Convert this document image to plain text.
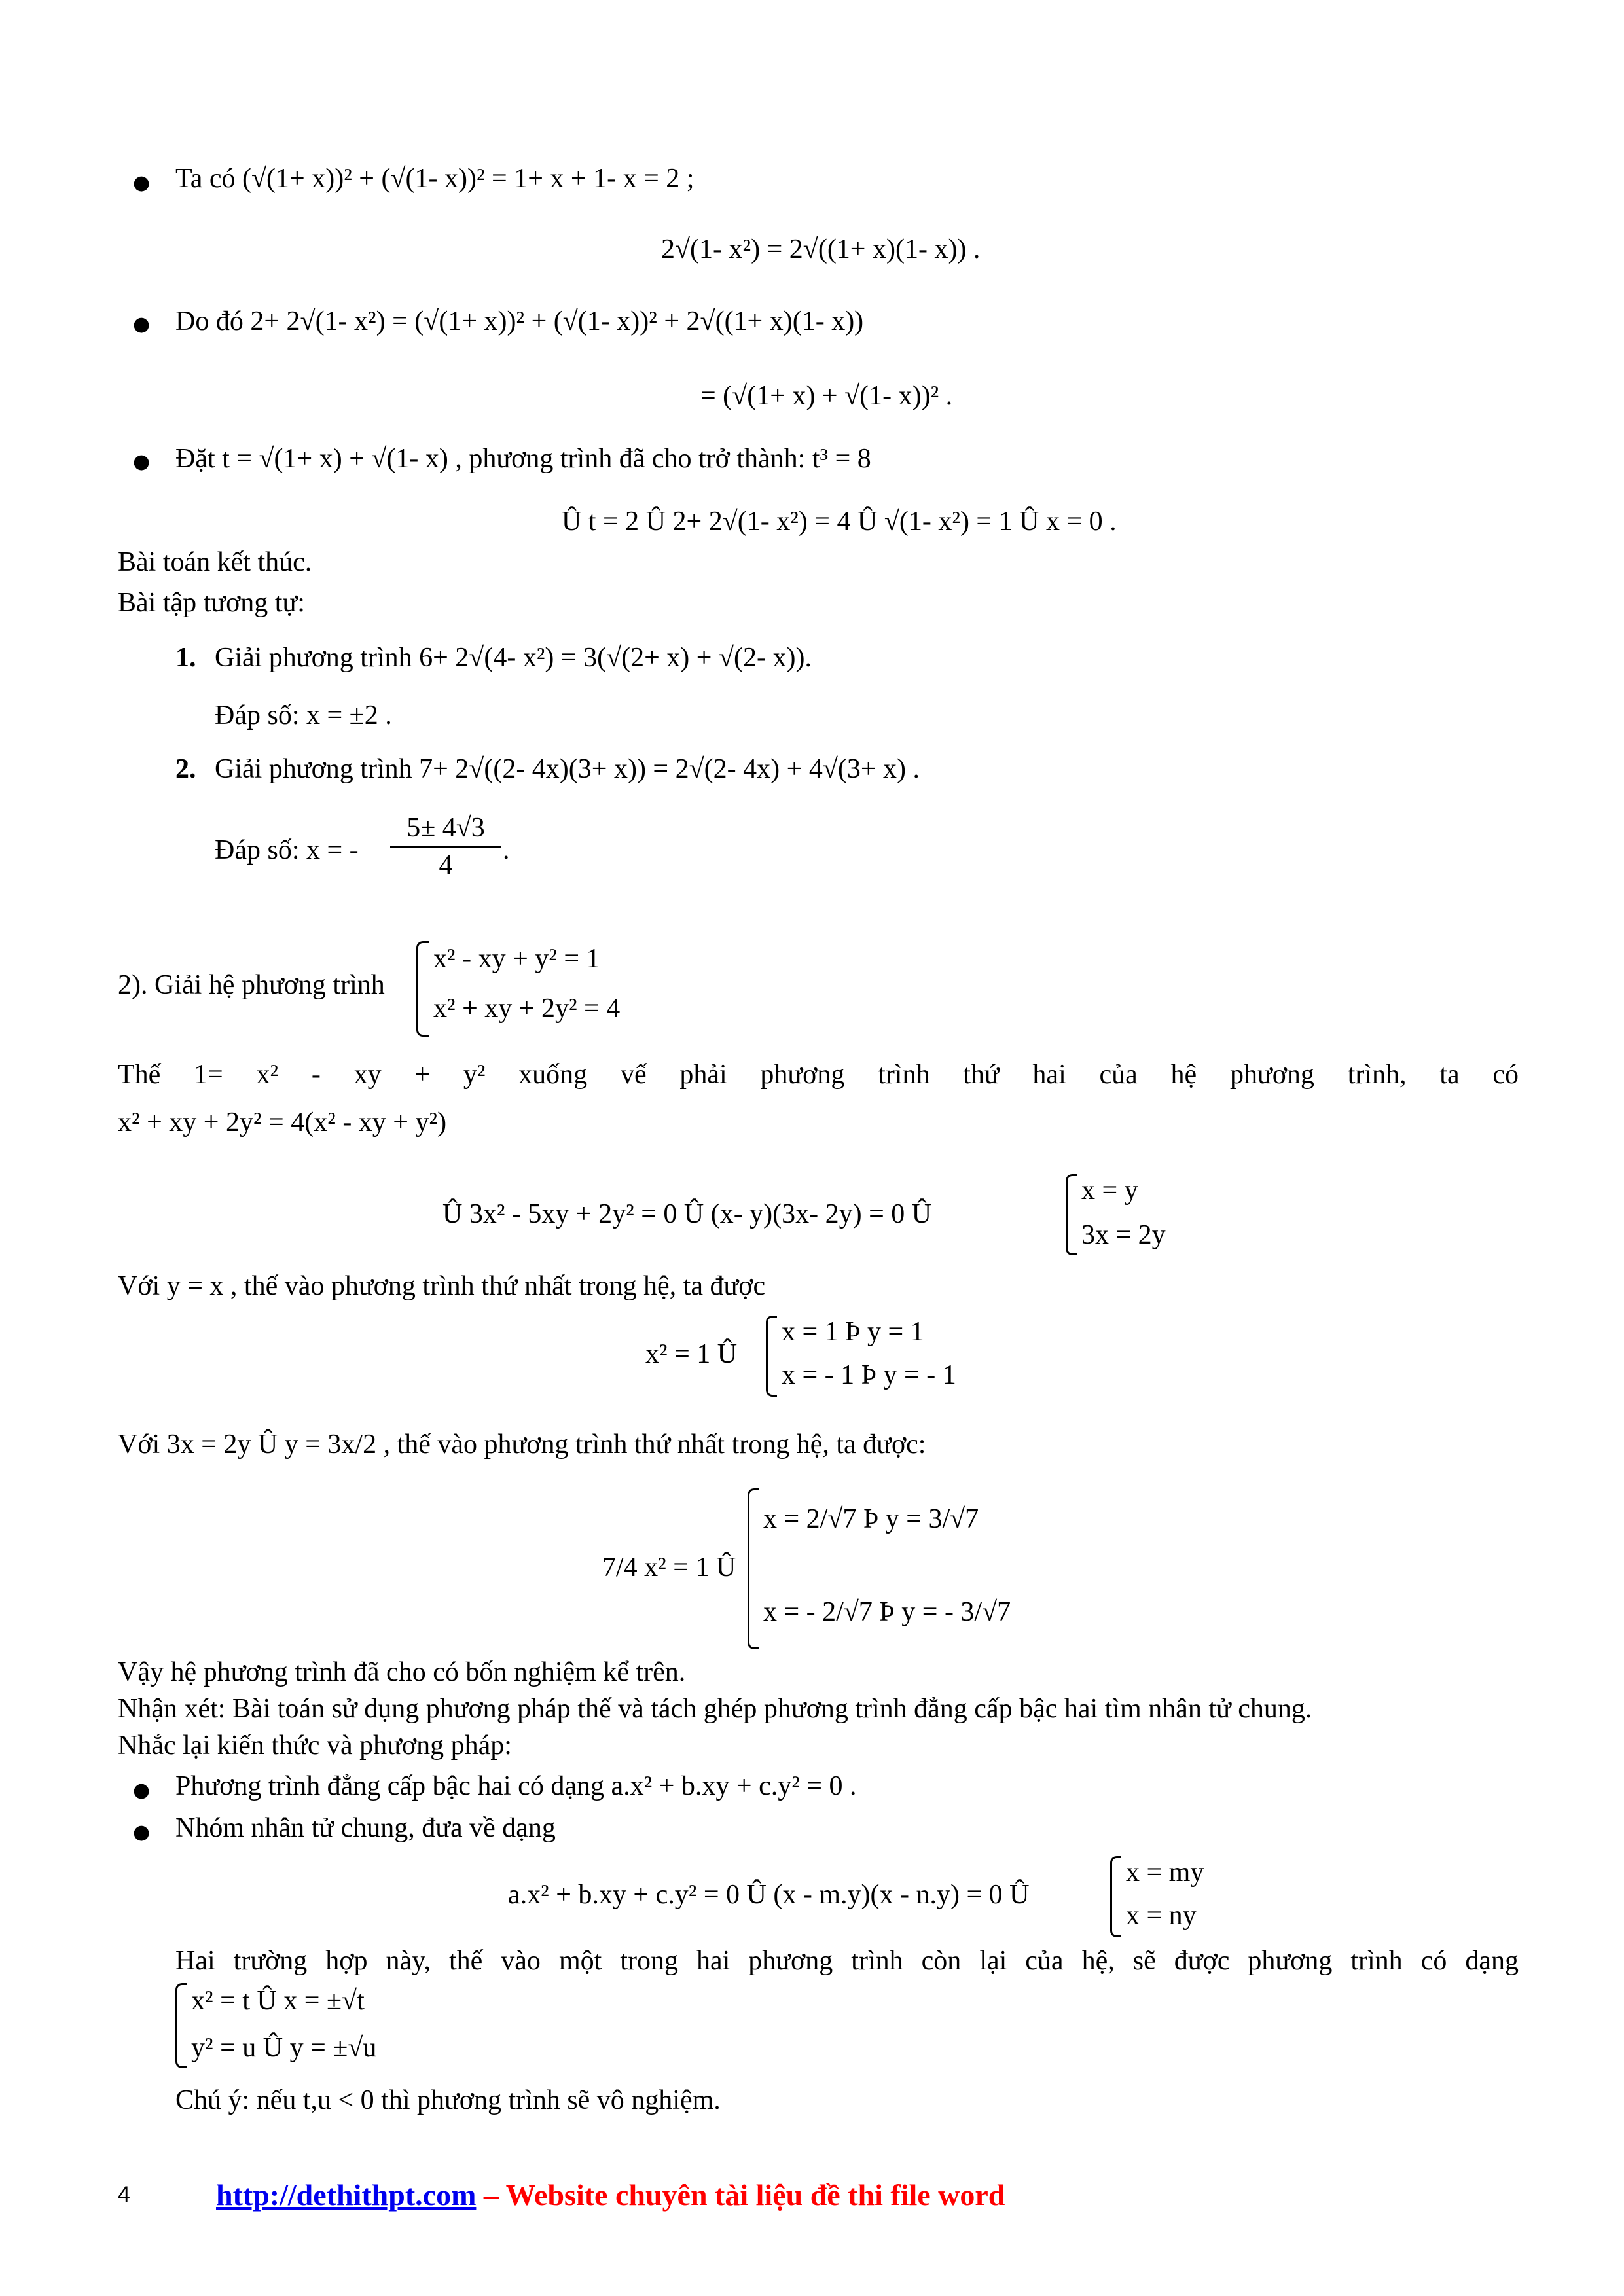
● Ta có (√(1+ x))² + (√(1- x))² = 1+ x + 1- x = 2 ;
2√(1- x²) = 2√((1+ x)(1- x)) .
● Do đó 2+ 2√(1- x²) = (√(1+ x))² + (√(1- x))² + 2√((1+ x)(1- x))
= (√(1+ x) + √(1- x))² .
● Đặt t = √(1+ x) + √(1- x) , phương trình đã cho trở thành: t³ = 8
Û t = 2 Û 2+ 2√(1- x²) = 4 Û √(1- x²) = 1 Û x = 0 .
Bài toán kết thúc.
Bài tập tương tự:
1. Giải phương trình 6+ 2√(4- x²) = 3(√(2+ x) + √(2- x)).
Đáp số: x = ±2 .
2. Giải phương trình 7+ 2√((2- 4x)(3+ x)) = 2√(2- 4x) + 4√(3+ x) .
Đáp số: x = -
5± 4√3
4
.
2). Giải hệ phương trình
x² - xy + y² = 1
x² + xy + 2y² = 4
Thế 1= x² - xy + y² xuống vế phải phương trình thứ hai của hệ phương trình, ta có
x² + xy + 2y² = 4(x² - xy + y²)
Û 3x² - 5xy + 2y² = 0 Û (x- y)(3x- 2y) = 0 Û
x = y
3x = 2y
Với y = x , thế vào phương trình thứ nhất trong hệ, ta được
x² = 1 Û
x = 1 Þ y = 1
x = - 1 Þ y = - 1
Với 3x = 2y Û y = 3x/2 , thế vào phương trình thứ nhất trong hệ, ta được:
7/4 x² = 1 Û
x = 2/√7 Þ y = 3/√7
x = - 2/√7 Þ y = - 3/√7
Vậy hệ phương trình đã cho có bốn nghiệm kể trên.
Nhận xét: Bài toán sử dụng phương pháp thế và tách ghép phương trình đẳng cấp bậc hai tìm nhân tử chung.
Nhắc lại kiến thức và phương pháp:
● Phương trình đẳng cấp bậc hai có dạng a.x² + b.xy + c.y² = 0 .
● Nhóm nhân tử chung, đưa về dạng
a.x² + b.xy + c.y² = 0 Û (x - m.y)(x - n.y) = 0 Û
x = my
x = ny
Hai trường hợp này, thế vào một trong hai phương trình còn lại của hệ, sẽ được phương trình có dạng
x² = t Û x = ±√t
y² = u Û y = ±√u
Chú ý: nếu t,u < 0 thì phương trình sẽ vô nghiệm.
4	http://dethithpt.com – Website chuyên tài liệu đề thi file word
